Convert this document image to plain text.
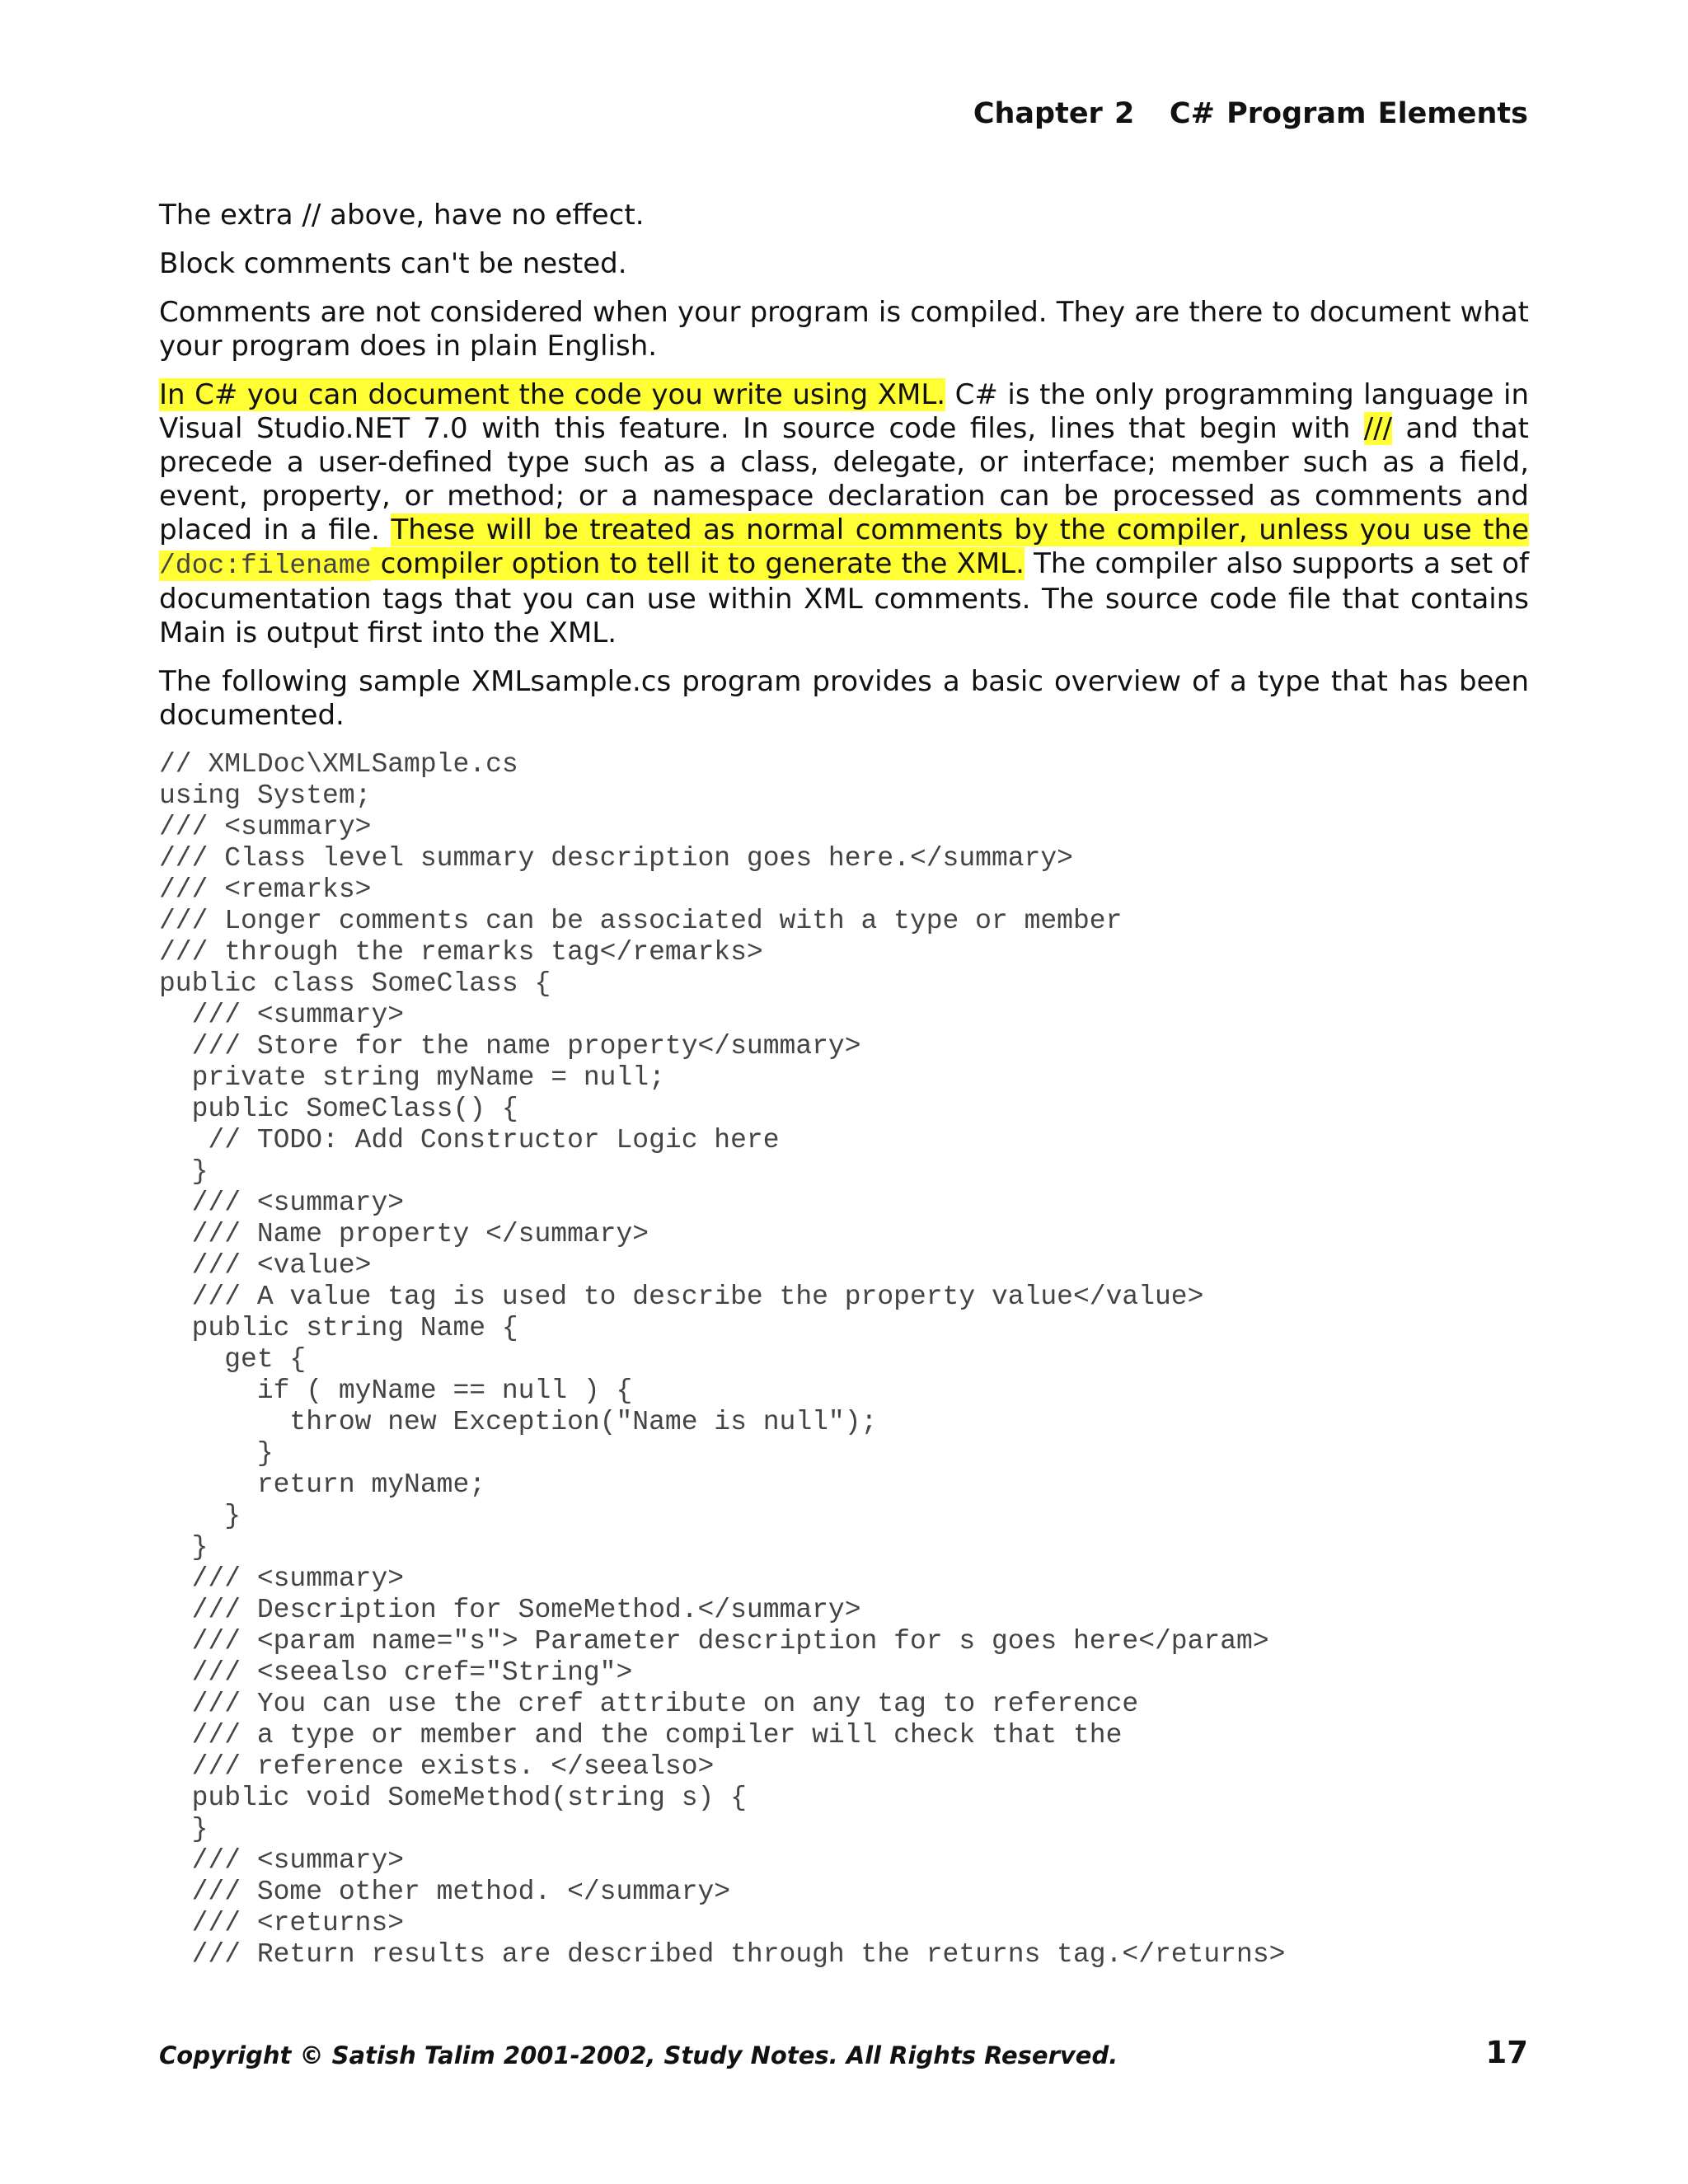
Chapter 2 C# Program Elements

The extra // above, have no effect.

Block comments can't be nested.

Comments are not considered when your program is compiled. They are there to document what your program does in plain English.

In C# you can document the code you write using XML. C# is the only programming language in Visual Studio.NET 7.0 with this feature. In source code files, lines that begin with /// and that precede a user-defined type such as a class, delegate, or interface; member such as a field, event, property, or method; or a namespace declaration can be processed as comments and placed in a file. These will be treated as normal comments by the compiler, unless you use the /doc:filename compiler option to tell it to generate the XML. The compiler also supports a set of documentation tags that you can use within XML comments. The source code file that contains Main is output first into the XML.

The following sample XMLsample.cs program provides a basic overview of a type that has been documented.

// XMLDoc\XMLSample.cs
using System;
/// <summary>
/// Class level summary description goes here.</summary>
/// <remarks>
/// Longer comments can be associated with a type or member
/// through the remarks tag</remarks>
public class SomeClass {
/// <summary>
/// Store for the name property</summary>
private string myName = null;
public SomeClass() {
// TODO: Add Constructor Logic here
}
/// <summary>
/// Name property </summary>
/// <value>
/// A value tag is used to describe the property value</value>
public string Name {
get {
if ( myName == null ) {
throw new Exception("Name is null");
}
return myName;
}
}
/// <summary>
/// Description for SomeMethod.</summary>
/// <param name="s"> Parameter description for s goes here</param>
/// <seealso cref="String">
/// You can use the cref attribute on any tag to reference
/// a type or member and the compiler will check that the
/// reference exists. </seealso>
public void SomeMethod(string s) {
}
/// <summary>
/// Some other method. </summary>
/// <returns>
/// Return results are described through the returns tag.</returns>
Copyright © Satish Talim 2001-2002, Study Notes. All Rights Reserved.	17
